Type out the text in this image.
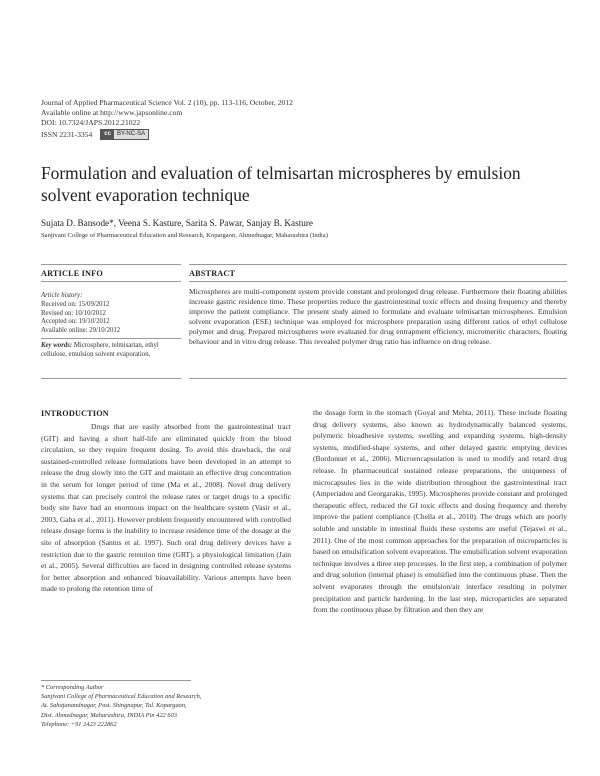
Journal of Applied Pharmaceutical Science Vol. 2 (10), pp. 113-116, October, 2012
Available online at http://www.japsonline.com
DOI: 10.7324/JAPS.2012.21022
ISSN 2231-3354	cc	BY-NC-SA
Formulation and evaluation of telmisartan microspheres by emulsion solvent evaporation technique
Sujata D. Bansode*, Veena S. Kasture, Sarita S. Pawar, Sanjay B. Kasture
Sanjivani College of Pharmaceutical Education and Research, Kopargaon, Ahmednagar, Maharashtra (India)
ARTICLE INFO
Article history:
Received on: 15/09/2012
Revised on: 10/10/2012
Accepted on: 19/10/2012
Available online: 29/10/2012
Key words: Microsphere, telmisartan, ethyl cellulose, emulsion solvent evaporation.
ABSTRACT
Microspheres are multi-component system provide constant and prolonged drug release. Furthermore their floating abilities increase gastric residence time. These properties reduce the gastrointestinal toxic effects and dosing frequency and thereby improve the patient compliance. The present study aimed to formulate and evaluate telmisartan microspheres. Emulsion solvent evaporation (ESE) technique was employed for microsphere preparation using different ratios of ethyl cellulose polymer and drug. Prepared microspheres were evaluated for drug entrapment efficiency, micromeritic characters, floating behaviour and in vitro drug release. This revealed polymer drug ratio has influence on drug release.
INTRODUCTION

Drugs that are easily absorbed from the gastrointestinal tract (GIT) and having a short half-life are eliminated quickly from the blood circulation, so they require frequent dosing. To avoid this drawback, the oral sustained-controlled release formulations have been developed in an attempt to release the drug slowly into the GIT and maintain an effective drug concentration in the serum for longer period of time (Ma et al., 2008). Novel drug delivery systems that can precisely control the release rates or target drugs to a specific body site have had an enormous impact on the healthcare system (Vasir et al., 2003, Gaba et al., 2011). However problem frequently encountered with controlled release dosage forms is the inability to increase residence time of the dosage at the site of absorption (Santus et al. 1997). Such oral drug delivery devices have a restriction due to the gastric retention time (GRT), a physiological limitation (Jain et al., 2005). Several difficulties are faced in designing controlled release systems for better absorption and enhanced bioavailability. Various attempts have been made to prolong the retention time of

the dosage form in the stomach (Goyal and Mehta, 2011). These include floating drug delivery systems, also known as hydrodynamically balanced systems, polymeric bioadhesive systems, swelling and expanding systems, high-density systems, modified-shape systems, and other delayed gastric emptying devices (Bordonnet et al., 2006). Microencapsulation is used to modify and retard drug release. In pharmaceutical sustained release preparations, the uniqueness of microcapsules lies in the wide distribution throughout the gastrointestinal tract (Amperiadou and Georgarakis, 1995). Microspheres provide constant and prolonged therapeutic effect, reduced the GI toxic effects and dosing frequency and thereby improve the patient compliance (Chella et al., 2010). The drugs which are poorly soluble and unstable in intestinal fluids these systems are useful (Tejaswi et al., 2011). One of the most common approaches for the preparation of microparticles is based on emulsification solvent evaporation. The emulsification solvent evaporation technique involves a three step processes. In the first step, a combination of polymer and drug solution (internal phase) is emulsified into the continuous phase. Then the solvent evaporates through the emulsion/air interface resulting in polymer precipitation and particle hardening. In the last step, microparticles are separated from the continuous phase by filtration and then they are

* Corresponding Author
Sanjivani College of Pharmaceutical Education and Research,
At. Sahajanandnagar, Post. Shingnapur, Tal. Kopargaon,
Dist. Ahmednagar, Maharashtra, INDIA Pin 422 603
Telephone: +91 2423 222862
